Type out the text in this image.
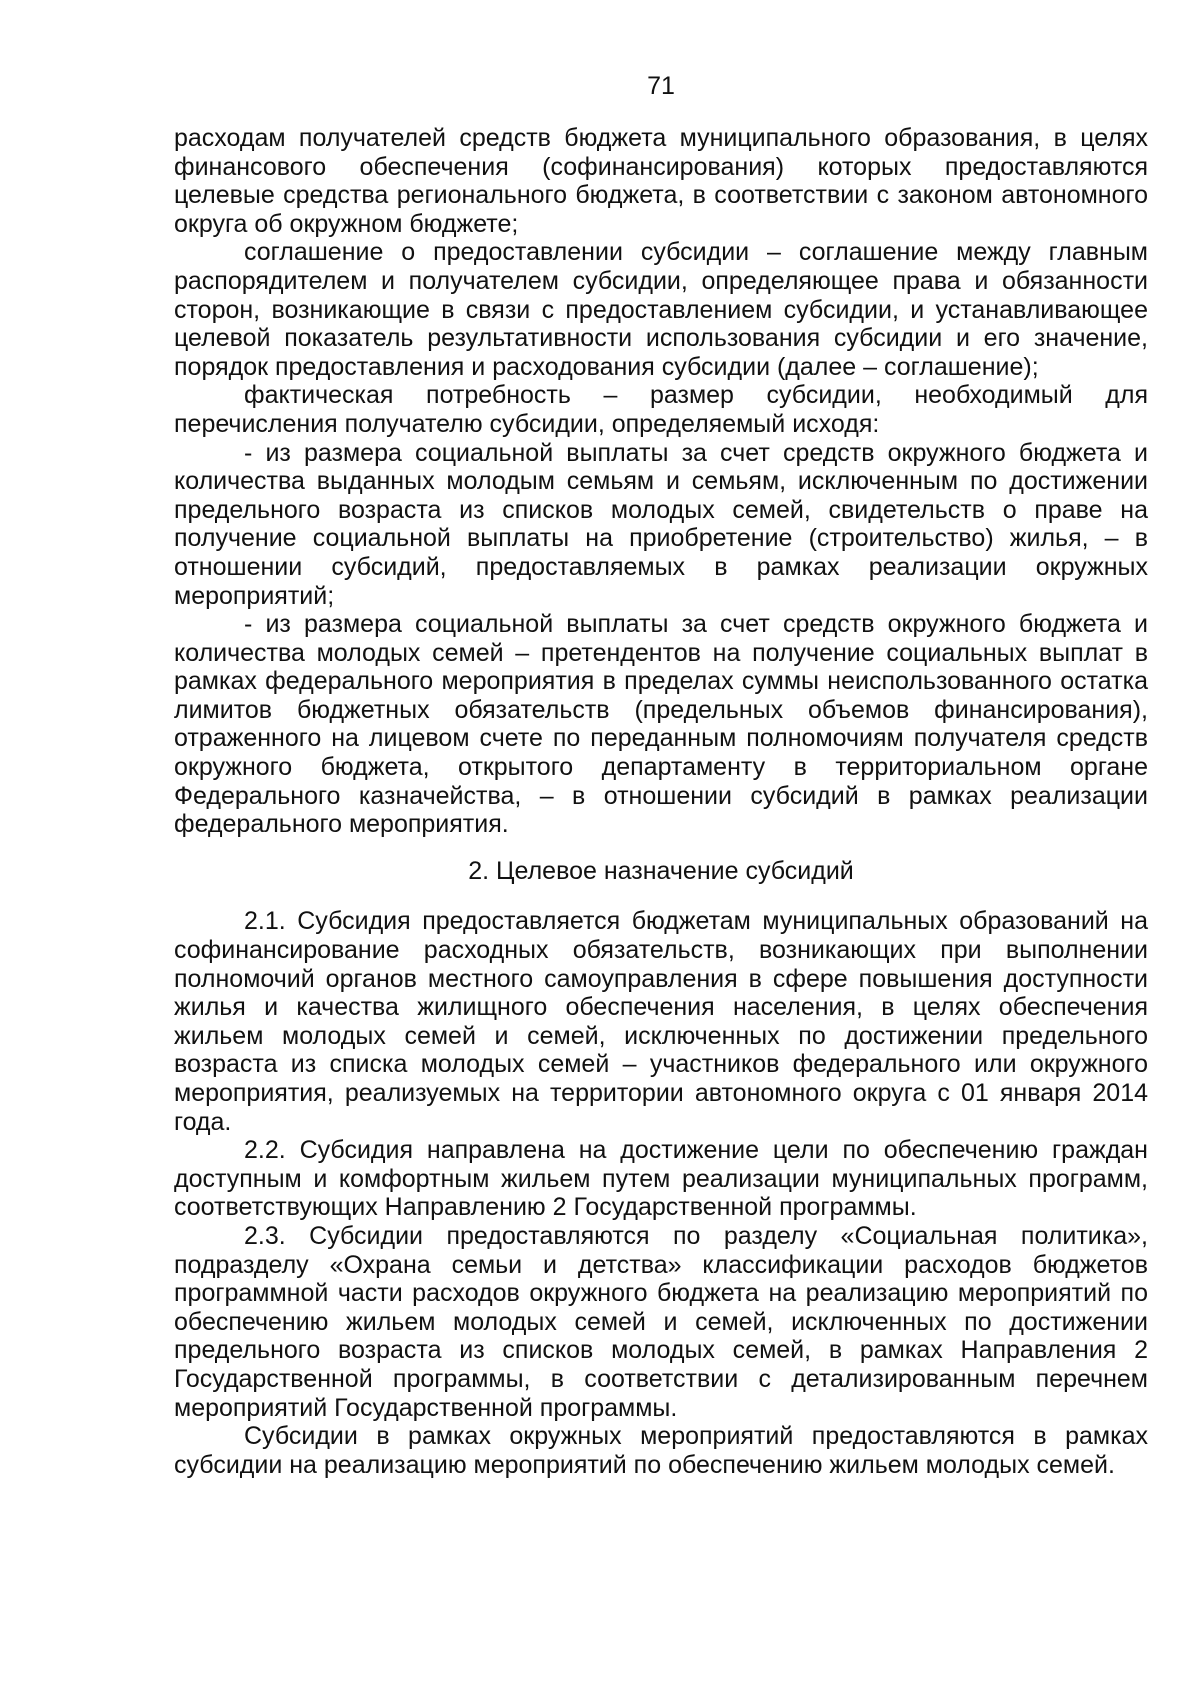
71

расходам получателей средств бюджета муниципального образования, в целях финансового обеспечения (софинансирования) которых предоставляются целевые средства регионального бюджета, в соответствии с законом автономного округа об окружном бюджете;

соглашение о предоставлении субсидии – соглашение между главным распорядителем и получателем субсидии, определяющее права и обязанности сторон, возникающие в связи с предоставлением субсидии, и устанавливающее целевой показатель результативности использования субсидии и его значение, порядок предоставления и расходования субсидии (далее – соглашение);

фактическая потребность – размер субсидии, необходимый для перечисления получателю субсидии, определяемый исходя:

- из размера социальной выплаты за счет средств окружного бюджета и количества выданных молодым семьям и семьям, исключенным по достижении предельного возраста из списков молодых семей, свидетельств о праве на получение социальной выплаты на приобретение (строительство) жилья, – в отношении субсидий, предоставляемых в рамках реализации окружных мероприятий;

- из размера социальной выплаты за счет средств окружного бюджета и количества молодых семей – претендентов на получение социальных выплат в рамках федерального мероприятия в пределах суммы неиспользованного остатка лимитов бюджетных обязательств (предельных объемов финансирования), отраженного на лицевом счете по переданным полномочиям получателя средств окружного бюджета, открытого департаменту в территориальном органе Федерального казначейства, – в отношении субсидий в рамках реализации федерального мероприятия.

2. Целевое назначение субсидий

2.1. Субсидия предоставляется бюджетам муниципальных образований на софинансирование расходных обязательств, возникающих при выполнении полномочий органов местного самоуправления в сфере повышения доступности жилья и качества жилищного обеспечения населения, в целях обеспечения жильем молодых семей и семей, исключенных по достижении предельного возраста из списка молодых семей – участников федерального или окружного мероприятия, реализуемых на территории автономного округа с 01 января 2014 года.

2.2. Субсидия направлена на достижение цели по обеспечению граждан доступным и комфортным жильем путем реализации муниципальных программ, соответствующих Направлению 2 Государственной программы.

2.3. Субсидии предоставляются по разделу «Социальная политика», подразделу «Охрана семьи и детства» классификации расходов бюджетов программной части расходов окружного бюджета на реализацию мероприятий по обеспечению жильем молодых семей и семей, исключенных по достижении предельного возраста из списков молодых семей, в рамках Направления 2 Государственной программы, в соответствии с детализированным перечнем мероприятий Государственной программы.

Субсидии в рамках окружных мероприятий предоставляются в рамках субсидии на реализацию мероприятий по обеспечению жильем молодых семей.
